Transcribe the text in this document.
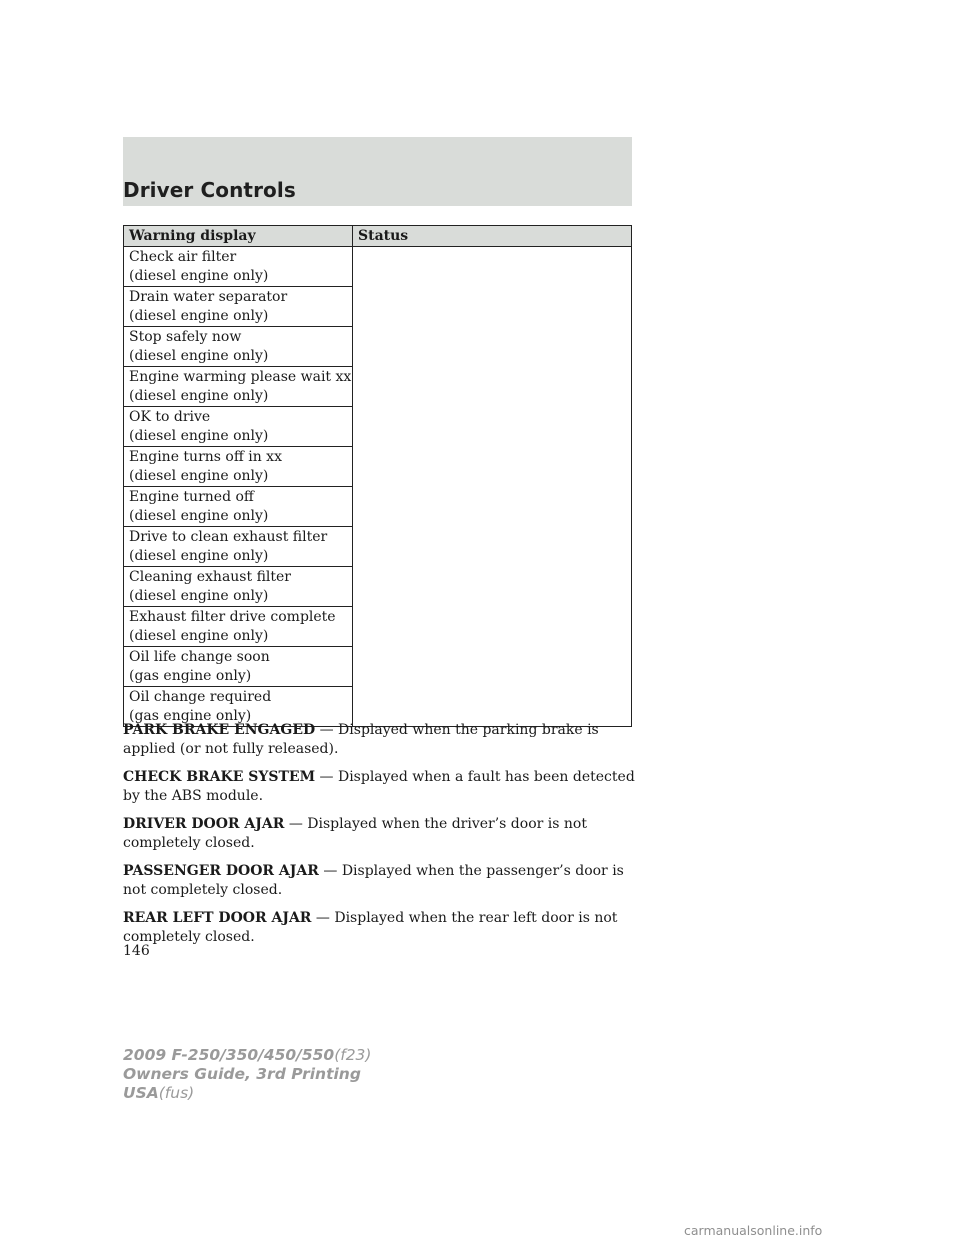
Driver Controls
Warning display	Status

Check air filter
(diesel engine only)	

Drain water separator
(diesel engine only)	

Stop safely now
(diesel engine only)	

Engine warming please wait xx
(diesel engine only)	

OK to drive
(diesel engine only)	

Engine turns off in xx
(diesel engine only)	

Engine turned off
(diesel engine only)	

Drive to clean exhaust filter
(diesel engine only)	

Cleaning exhaust filter
(diesel engine only)	

Exhaust filter drive complete
(diesel engine only)	

Oil life change soon
(gas engine only)	

Oil change required
(gas engine only)	

PARK BRAKE ENGAGED — Displayed when the parking brake is
applied (or not fully released).

CHECK BRAKE SYSTEM — Displayed when a fault has been detected
by the ABS module.

DRIVER DOOR AJAR — Displayed when the driver’s door is not
completely closed.

PASSENGER DOOR AJAR — Displayed when the passenger’s door is
not completely closed.

REAR LEFT DOOR AJAR — Displayed when the rear left door is not
completely closed.

146
2009 F-250/350/450/550(f23)
Owners Guide, 3rd Printing
USA(fus)
carmanualsonline.info
